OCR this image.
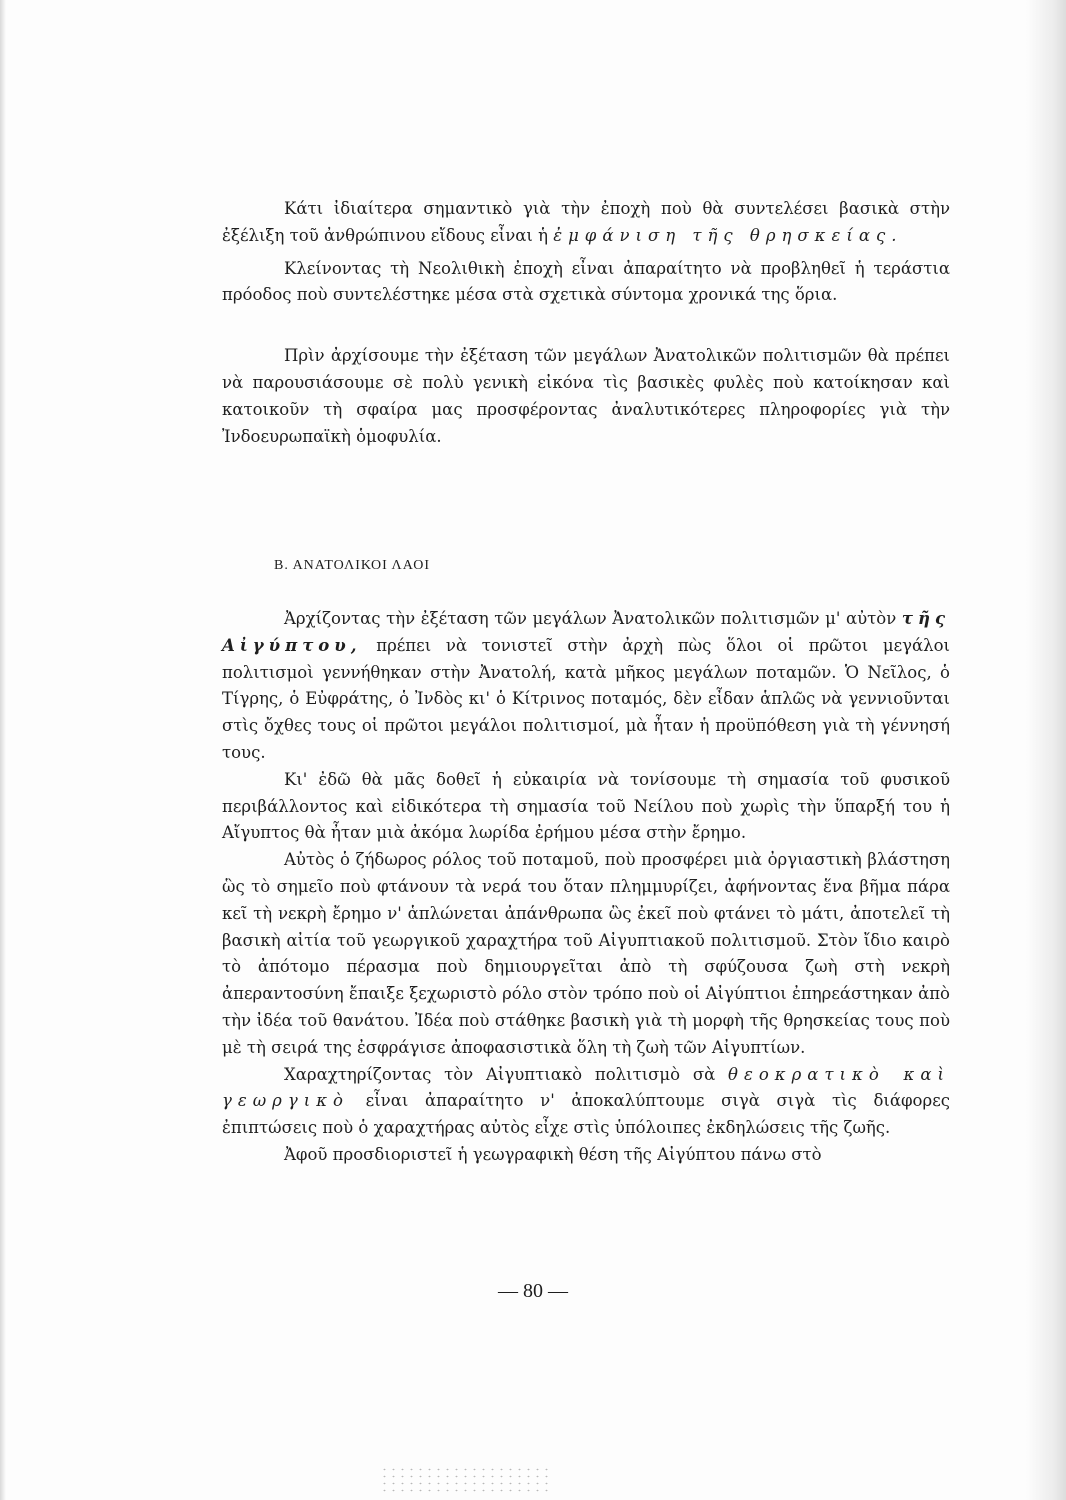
Κάτι ἰδιαίτερα σημαντικὸ γιὰ τὴν ἐποχὴ ποὺ θὰ συντελέσει βασικὰ στὴν ἐξέλιξη τοῦ ἀνθρώπινου εἴδους εἶναι ἡ ἐμφάνιση τῆς θρησκείας.

Κλείνοντας τὴ Νεολιθικὴ ἐποχὴ εἶναι ἀπαραίτητο νὰ προβληθεῖ ἡ τεράστια πρόοδος ποὺ συντελέστηκε μέσα στὰ σχετικὰ σύντομα χρονικά της ὅρια.

Πρὶν ἀρχίσουμε τὴν ἐξέταση τῶν μεγάλων Ἀνατολικῶν πολιτισμῶν θὰ πρέπει νὰ παρουσιάσουμε σὲ πολὺ γενικὴ εἰκόνα τὶς βασικὲς φυλὲς ποὺ κατοίκησαν καὶ κατοικοῦν τὴ σφαίρα μας προσφέροντας ἀναλυτικότερες πληροφορίες γιὰ τὴν Ἰνδοευρωπαϊκὴ ὁμοφυλία.

Β. ΑΝΑΤΟΛΙΚΟΙ ΛΑΟΙ

Ἀρχίζοντας τὴν ἐξέταση τῶν μεγάλων Ἀνατολικῶν πολιτισμῶν μ' αὐτὸν τῆς Αἰγύπτου, πρέπει νὰ τονιστεῖ στὴν ἀρχὴ πὼς ὅλοι οἱ πρῶτοι μεγάλοι πολιτισμοὶ γεννήθηκαν στὴν Ἀνατολή, κατὰ μῆκος μεγάλων ποταμῶν. Ὁ Νεῖλος, ὁ Τίγρης, ὁ Εὐφράτης, ὁ Ἰνδὸς κι' ὁ Κίτρινος ποταμός, δὲν εἶδαν ἁπλῶς νὰ γεννιοῦνται στὶς ὄχθες τους οἱ πρῶτοι μεγάλοι πολιτισμοί, μὰ ἦταν ἡ προϋπόθεση γιὰ τὴ γέννησή τους.

Κι' ἐδῶ θὰ μᾶς δοθεῖ ἡ εὐκαιρία νὰ τονίσουμε τὴ σημασία τοῦ φυσικοῦ περιβάλλοντος καὶ εἰδικότερα τὴ σημασία τοῦ Νείλου ποὺ χωρὶς τὴν ὕπαρξή του ἡ Αἴγυπτος θὰ ἦταν μιὰ ἀκόμα λωρίδα ἐρήμου μέσα στὴν ἔρημο.

Αὐτὸς ὁ ζήδωρος ρόλος τοῦ ποταμοῦ, ποὺ προσφέρει μιὰ ὀργιαστικὴ βλάστηση ὣς τὸ σημεῖο ποὺ φτάνουν τὰ νερά του ὅταν πλημμυρίζει, ἀφήνοντας ἕνα βῆμα πάρα κεῖ τὴ νεκρὴ ἔρημο ν' ἁπλώνεται ἀπάνθρωπα ὣς ἐκεῖ ποὺ φτάνει τὸ μάτι, ἀποτελεῖ τὴ βασικὴ αἰτία τοῦ γεωργικοῦ χαραχτήρα τοῦ Αἰγυπτιακοῦ πολιτισμοῦ. Στὸν ἴδιο καιρὸ τὸ ἀπότομο πέρασμα ποὺ δημιουργεῖται ἀπὸ τὴ σφύζουσα ζωὴ στὴ νεκρὴ ἀπεραντοσύνη ἔπαιξε ξεχωριστὸ ρόλο στὸν τρόπο ποὺ οἱ Αἰγύπτιοι ἐπηρεάστηκαν ἀπὸ τὴν ἰδέα τοῦ θανάτου. Ἰδέα ποὺ στάθηκε βασικὴ γιὰ τὴ μορφὴ τῆς θρησκείας τους ποὺ μὲ τὴ σειρά της ἐσφράγισε ἀποφασιστικὰ ὅλη τὴ ζωὴ τῶν Αἰγυπτίων.

Χαραχτηρίζοντας τὸν Αἰγυπτιακὸ πολιτισμὸ σὰ θεοκρατικὸ καὶ γεωργικὸ εἶναι ἀπαραίτητο ν' ἀποκαλύπτουμε σιγὰ σιγὰ τὶς διάφορες ἐπιπτώσεις ποὺ ὁ χαραχτήρας αὐτὸς εἶχε στὶς ὑπόλοιπες ἐκδηλώσεις τῆς ζωῆς.

Ἀφοῦ προσδιοριστεῖ ἡ γεωγραφικὴ θέση τῆς Αἰγύπτου πάνω στὸ

— 80 —
